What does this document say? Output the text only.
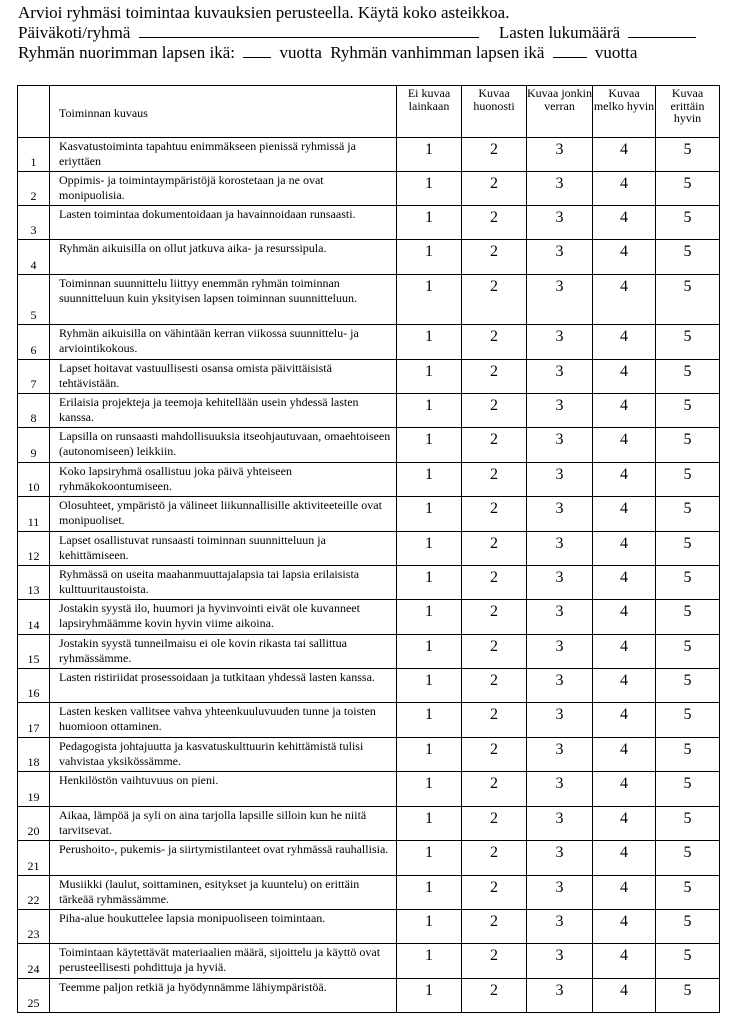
Arvioi ryhmäsi toimintaa kuvauksien perusteella. Käytä koko asteikkoa.
Päiväkoti/ryhmä	Lasten lukumäärä
Ryhmän nuorimman lapsen ikä:	vuotta Ryhmän vanhimman lapsen ikä	vuotta

	Toiminnan kuvaus	Ei kuvaa lainkaan	Kuvaa huonosti	Kuvaa jonkin verran	Kuvaa melko hyvin	Kuvaa erittäin hyvin
1	Kasvatustoiminta tapahtuu enimmäkseen pienissä ryhmissä ja eriyttäen	1	2	3	4	5
2	Oppimis- ja toimintaympäristöjä korostetaan ja ne ovat monipuolisia.	1	2	3	4	5
3	Lasten toimintaa dokumentoidaan ja havainnoidaan runsaasti.	1	2	3	4	5
4	Ryhmän aikuisilla on ollut jatkuva aika- ja resurssipula.	1	2	3	4	5
5	Toiminnan suunnittelu liittyy enemmän ryhmän toiminnan suunnitteluun kuin yksityisen lapsen toiminnan suunnitteluun.	1	2	3	4	5
6	Ryhmän aikuisilla on vähintään kerran viikossa suunnittelu- ja arviointikokous.	1	2	3	4	5
7	Lapset hoitavat vastuullisesti osansa omista päivittäisistä tehtävistään.	1	2	3	4	5
8	Erilaisia projekteja ja teemoja kehitellään usein yhdessä lasten kanssa.	1	2	3	4	5
9	Lapsilla on runsaasti mahdollisuuksia itseohjautuvaan, omaehtoiseen (autonomiseen) leikkiin.	1	2	3	4	5
10	Koko lapsiryhmä osallistuu joka päivä yhteiseen ryhmäkokoontumiseen.	1	2	3	4	5
11	Olosuhteet, ympäristö ja välineet liikunnallisille aktiviteeteille ovat monipuoliset.	1	2	3	4	5
12	Lapset osallistuvat runsaasti toiminnan suunnitteluun ja kehittämiseen.	1	2	3	4	5
13	Ryhmässä on useita maahanmuuttajalapsia tai lapsia erilaisista kulttuuritaustoista.	1	2	3	4	5
14	Jostakin syystä ilo, huumori ja hyvinvointi eivät ole kuvanneet lapsiryhmäämme kovin hyvin viime aikoina.	1	2	3	4	5
15	Jostakin syystä tunneilmaisu ei ole kovin rikasta tai sallittua ryhmässämme.	1	2	3	4	5
16	Lasten ristiriidat prosessoidaan ja tutkitaan yhdessä lasten kanssa.	1	2	3	4	5
17	Lasten kesken vallitsee vahva yhteenkuuluvuuden tunne ja toisten huomioon ottaminen.	1	2	3	4	5
18	Pedagogista johtajuutta ja kasvatuskulttuurin kehittämistä tulisi vahvistaa yksikössämme.	1	2	3	4	5
19	Henkilöstön vaihtuvuus on pieni.	1	2	3	4	5
20	Aikaa, lämpöä ja syli on aina tarjolla lapsille silloin kun he niitä tarvitsevat.	1	2	3	4	5
21	Perushoito-, pukemis- ja siirtymistilanteet ovat ryhmässä rauhallisia.	1	2	3	4	5
22	Musiikki (laulut, soittaminen, esitykset ja kuuntelu) on erittäin tärkeää ryhmässämme.	1	2	3	4	5
23	Piha-alue houkuttelee lapsia monipuoliseen toimintaan.	1	2	3	4	5
24	Toimintaan käytettävät materiaalien määrä, sijoittelu ja käyttö ovat perusteellisesti pohdittuja ja hyviä.	1	2	3	4	5
25	Teemme paljon retkiä ja hyödynnämme lähiympäristöä.	1	2	3	4	5
